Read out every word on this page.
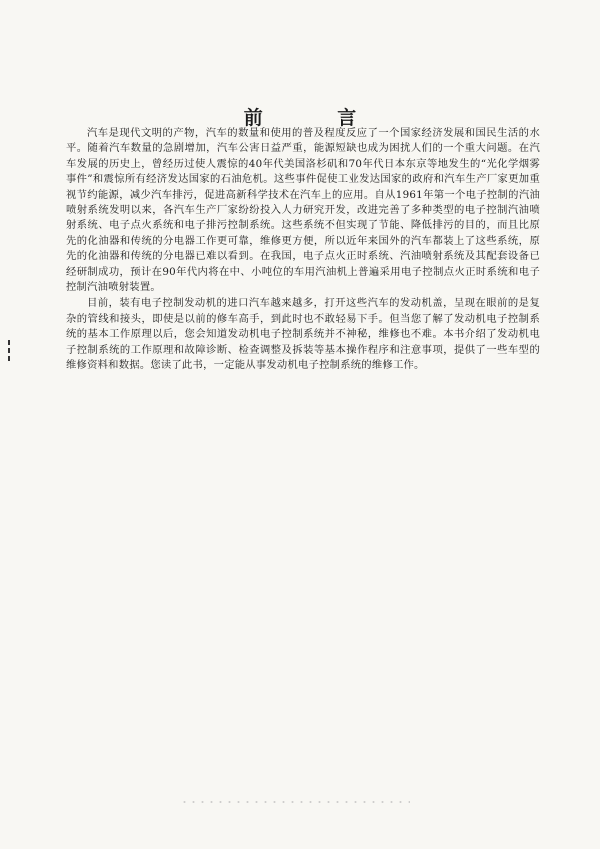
前 言

汽车是现代文明的产物，汽车的数量和使用的普及程度反应了一个国家经济发展和国民生活的水平。随着汽车数量的急剧增加，汽车公害日益严重，能源短缺也成为困扰人们的一个重大问题。在汽车发展的历史上，曾经历过使人震惊的40年代美国洛杉矶和70年代日本东京等地发生的“光化学烟雾事件”和震惊所有经济发达国家的石油危机。这些事件促使工业发达国家的政府和汽车生产厂家更加重视节约能源，减少汽车排污，促进高新科学技术在汽车上的应用。自从1961年第一个电子控制的汽油喷射系统发明以来，各汽车生产厂家纷纷投入人力研究开发，改进完善了多种类型的电子控制汽油喷射系统、电子点火系统和电子排污控制系统。这些系统不但实现了节能、降低排污的目的，而且比原先的化油器和传统的分电器工作更可靠，维修更方便，所以近年来国外的汽车都装上了这些系统，原先的化油器和传统的分电器已难以看到。在我国，电子点火正时系统、汽油喷射系统及其配套设备已经研制成功，预计在90年代内将在中、小吨位的车用汽油机上普遍采用电子控制点火正时系统和电子控制汽油喷射装置。

目前，装有电子控制发动机的进口汽车越来越多，打开这些汽车的发动机盖，呈现在眼前的是复杂的管线和接头，即使是以前的修车高手，到此时也不敢轻易下手。但当您了解了发动机电子控制系统的基本工作原理以后，您会知道发动机电子控制系统并不神秘，维修也不难。本书介绍了发动机电子控制系统的工作原理和故障诊断、检查调整及拆装等基本操作程序和注意事项，提供了一些车型的维修资料和数据。您读了此书，一定能从事发动机电子控制系统的维修工作。
